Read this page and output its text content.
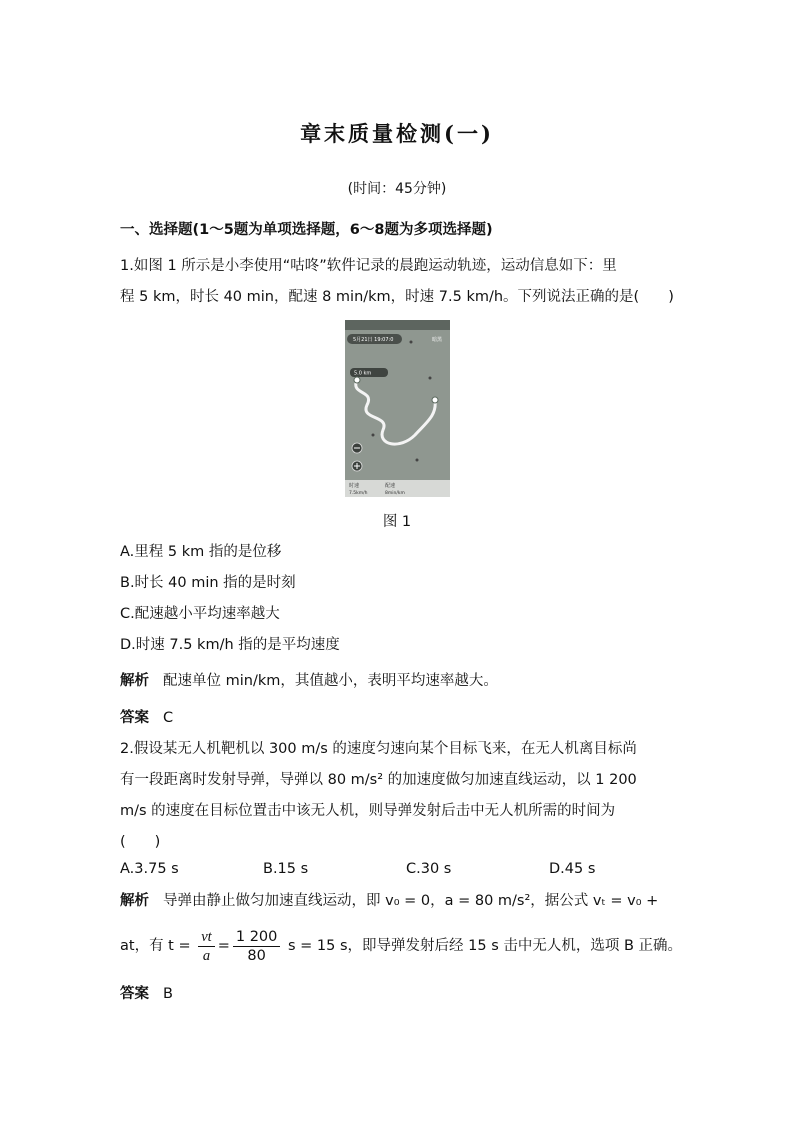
章末质量检测(一)
(时间：45分钟)
一、选择题(1～5题为单项选择题，6～8题为多项选择题)
1.如图 1 所示是小李使用“咕咚”软件记录的晨跑运动轨迹，运动信息如下：里
程 5 km，时长 40 min，配速 8 min/km，时速 7.5 km/h。下列说法正确的是(　　)
5月21日 19:07:0	暗黑
5.0 km
时速
7.5km/h
配速
8min/km
图 1
A.里程 5 km 指的是位移
B.时长 40 min 指的是时刻
C.配速越小平均速率越大
D.时速 7.5 km/h 指的是平均速度
解析 配速单位 min/km，其值越小，表明平均速率越大。
答案 C
2.假设某无人机靶机以 300 m/s 的速度匀速向某个目标飞来，在无人机离目标尚
有一段距离时发射导弹，导弹以 80 m/s² 的加速度做匀加速直线运动，以 1 200
m/s 的速度在目标位置击中该无人机，则导弹发射后击中无人机所需的时间为
(　　)
A.3.75 s	B.15 s	C.30 s	D.45 s
解析 导弹由静止做匀加速直线运动，即 v₀ = 0，a = 80 m/s²，据公式 vₜ = v₀ +
at，有 $t = \frac{vt}{a} = \frac{1 200}{80}$ s = 15 s，即导弹发射后经 15 s 击中无人机，选项 B 正确。
答案 B
